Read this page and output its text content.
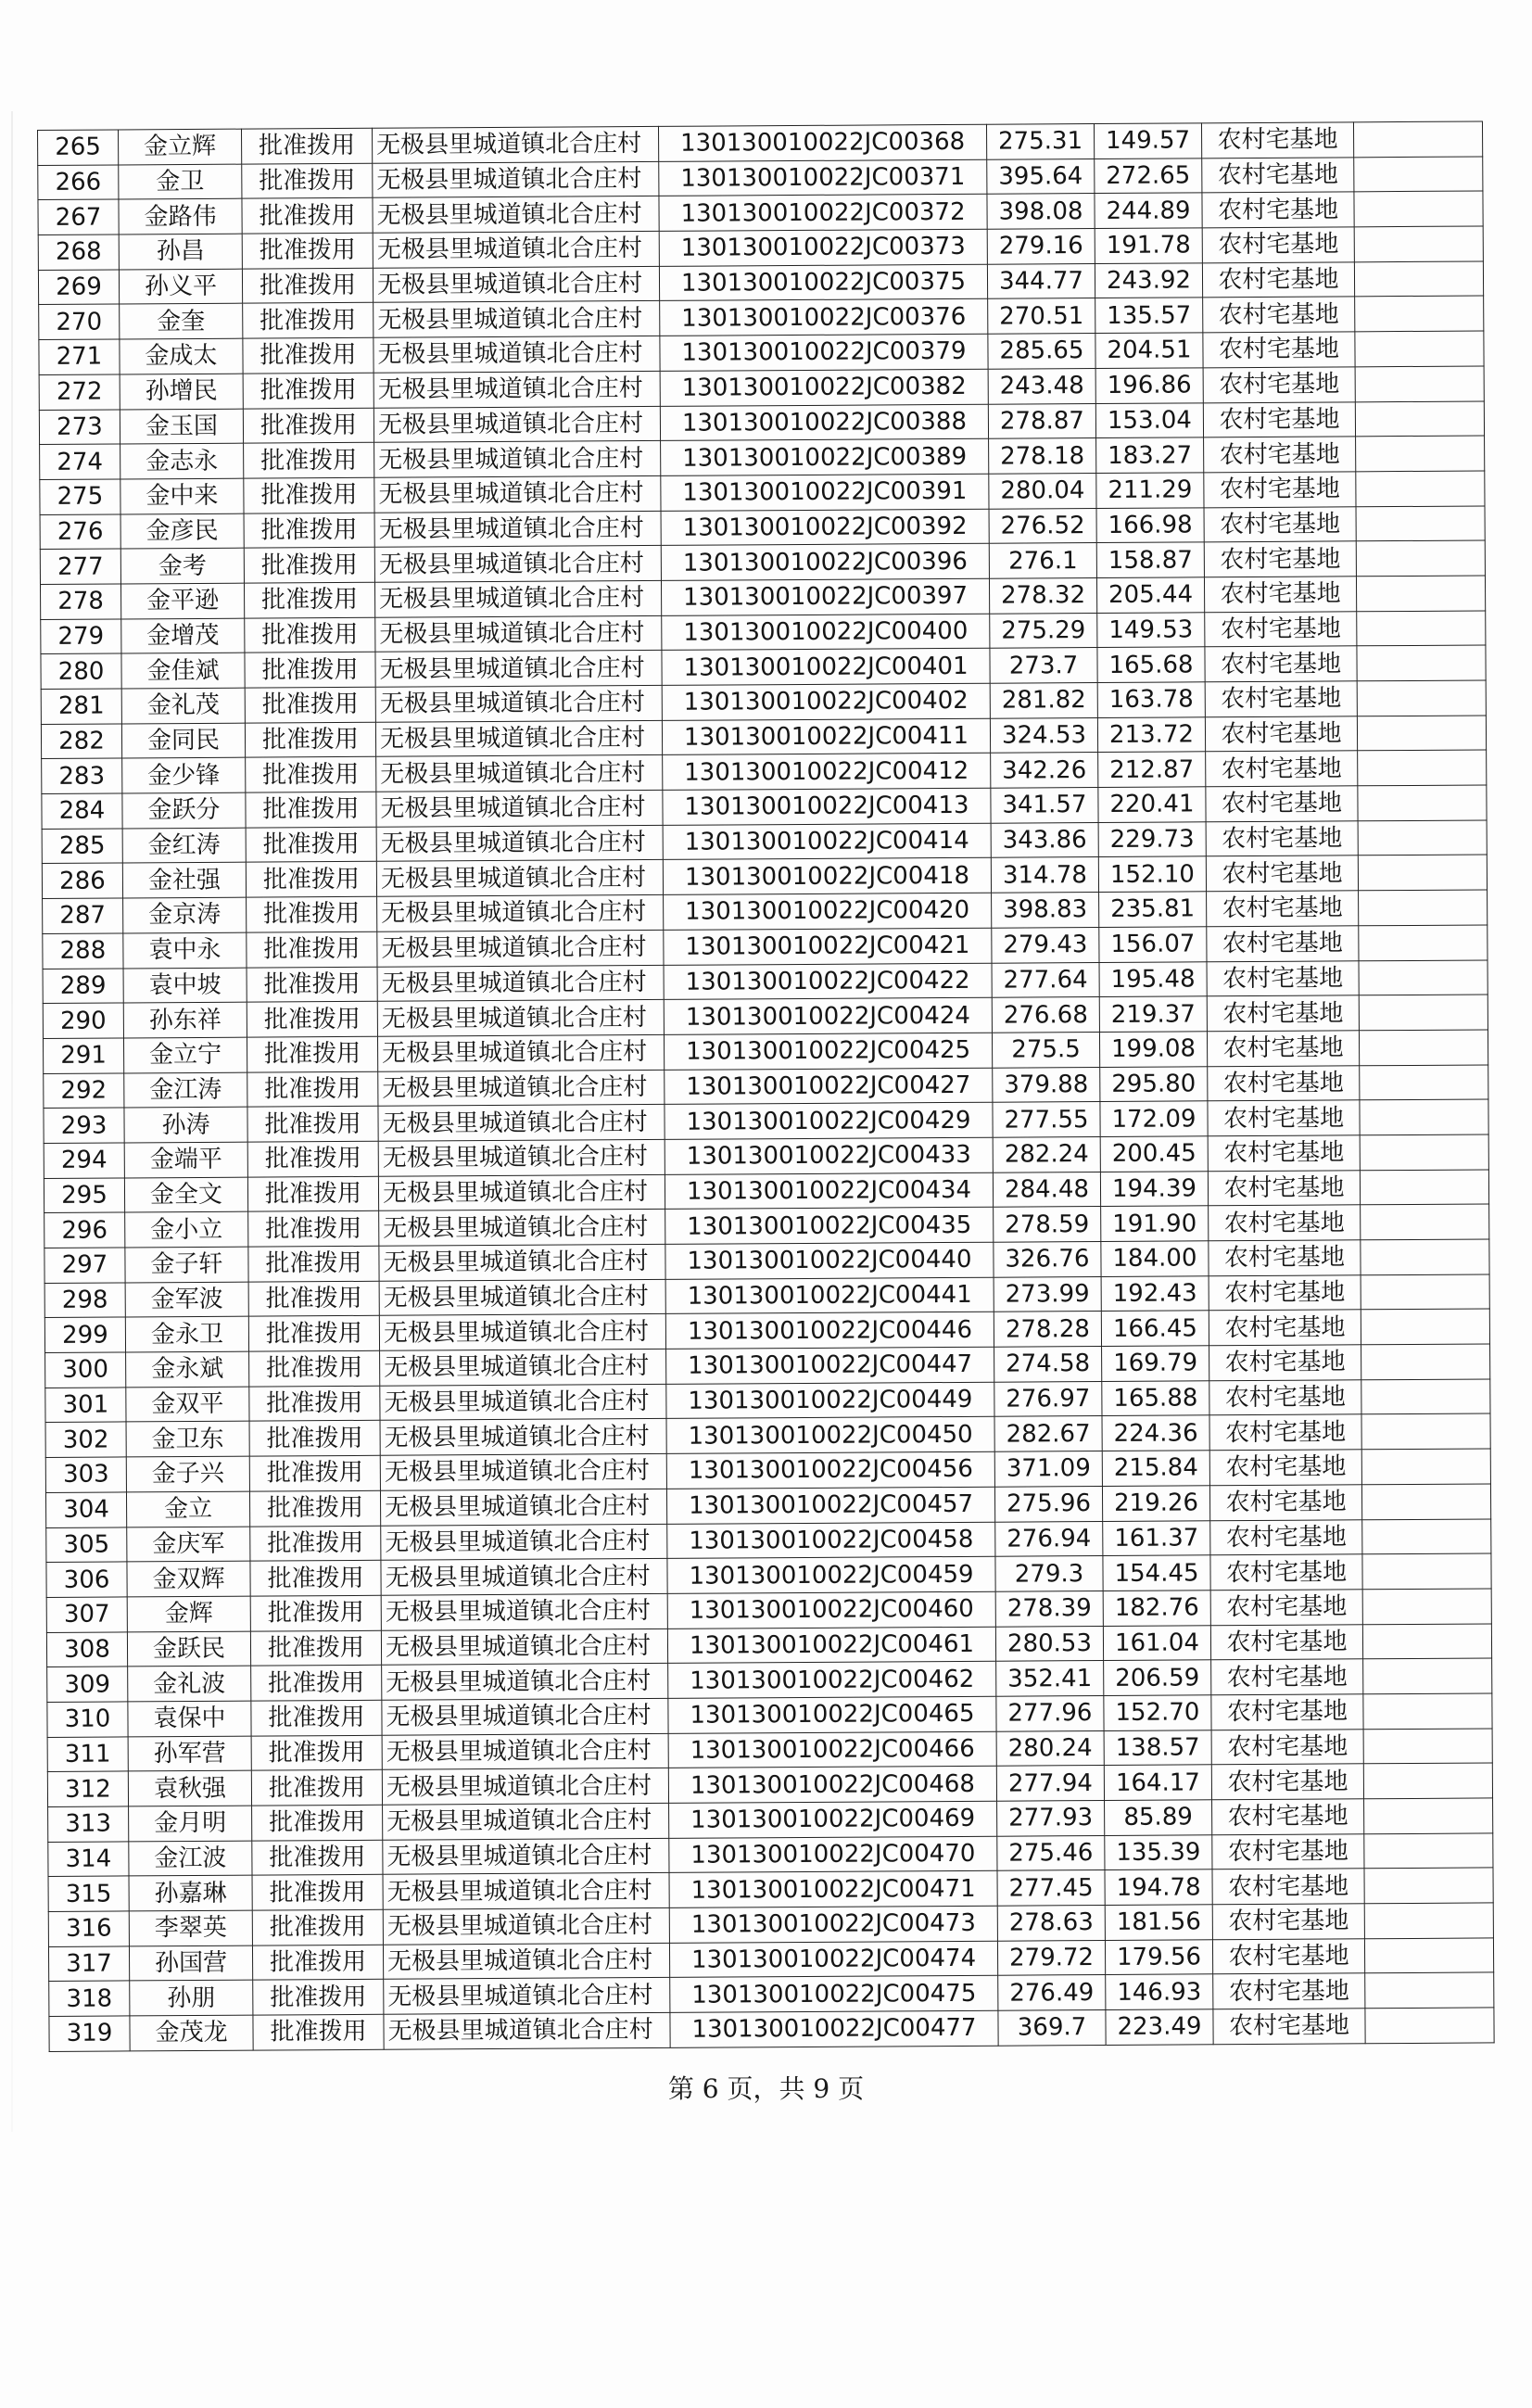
265	金立辉	批准拨用	无极县里城道镇北合庄村	130130010022JC00368	275.31	149.57	农村宅基地	
266	金卫	批准拨用	无极县里城道镇北合庄村	130130010022JC00371	395.64	272.65	农村宅基地	
267	金路伟	批准拨用	无极县里城道镇北合庄村	130130010022JC00372	398.08	244.89	农村宅基地	
268	孙昌	批准拨用	无极县里城道镇北合庄村	130130010022JC00373	279.16	191.78	农村宅基地	
269	孙义平	批准拨用	无极县里城道镇北合庄村	130130010022JC00375	344.77	243.92	农村宅基地	
270	金奎	批准拨用	无极县里城道镇北合庄村	130130010022JC00376	270.51	135.57	农村宅基地	
271	金成太	批准拨用	无极县里城道镇北合庄村	130130010022JC00379	285.65	204.51	农村宅基地	
272	孙增民	批准拨用	无极县里城道镇北合庄村	130130010022JC00382	243.48	196.86	农村宅基地	
273	金玉国	批准拨用	无极县里城道镇北合庄村	130130010022JC00388	278.87	153.04	农村宅基地	
274	金志永	批准拨用	无极县里城道镇北合庄村	130130010022JC00389	278.18	183.27	农村宅基地	
275	金中来	批准拨用	无极县里城道镇北合庄村	130130010022JC00391	280.04	211.29	农村宅基地	
276	金彦民	批准拨用	无极县里城道镇北合庄村	130130010022JC00392	276.52	166.98	农村宅基地	
277	金考	批准拨用	无极县里城道镇北合庄村	130130010022JC00396	276.1	158.87	农村宅基地	
278	金平逊	批准拨用	无极县里城道镇北合庄村	130130010022JC00397	278.32	205.44	农村宅基地	
279	金增茂	批准拨用	无极县里城道镇北合庄村	130130010022JC00400	275.29	149.53	农村宅基地	
280	金佳斌	批准拨用	无极县里城道镇北合庄村	130130010022JC00401	273.7	165.68	农村宅基地	
281	金礼茂	批准拨用	无极县里城道镇北合庄村	130130010022JC00402	281.82	163.78	农村宅基地	
282	金同民	批准拨用	无极县里城道镇北合庄村	130130010022JC00411	324.53	213.72	农村宅基地	
283	金少锋	批准拨用	无极县里城道镇北合庄村	130130010022JC00412	342.26	212.87	农村宅基地	
284	金跃分	批准拨用	无极县里城道镇北合庄村	130130010022JC00413	341.57	220.41	农村宅基地	
285	金红涛	批准拨用	无极县里城道镇北合庄村	130130010022JC00414	343.86	229.73	农村宅基地	
286	金社强	批准拨用	无极县里城道镇北合庄村	130130010022JC00418	314.78	152.10	农村宅基地	
287	金京涛	批准拨用	无极县里城道镇北合庄村	130130010022JC00420	398.83	235.81	农村宅基地	
288	袁中永	批准拨用	无极县里城道镇北合庄村	130130010022JC00421	279.43	156.07	农村宅基地	
289	袁中坡	批准拨用	无极县里城道镇北合庄村	130130010022JC00422	277.64	195.48	农村宅基地	
290	孙东祥	批准拨用	无极县里城道镇北合庄村	130130010022JC00424	276.68	219.37	农村宅基地	
291	金立宁	批准拨用	无极县里城道镇北合庄村	130130010022JC00425	275.5	199.08	农村宅基地	
292	金江涛	批准拨用	无极县里城道镇北合庄村	130130010022JC00427	379.88	295.80	农村宅基地	
293	孙涛	批准拨用	无极县里城道镇北合庄村	130130010022JC00429	277.55	172.09	农村宅基地	
294	金端平	批准拨用	无极县里城道镇北合庄村	130130010022JC00433	282.24	200.45	农村宅基地	
295	金全文	批准拨用	无极县里城道镇北合庄村	130130010022JC00434	284.48	194.39	农村宅基地	
296	金小立	批准拨用	无极县里城道镇北合庄村	130130010022JC00435	278.59	191.90	农村宅基地	
297	金子轩	批准拨用	无极县里城道镇北合庄村	130130010022JC00440	326.76	184.00	农村宅基地	
298	金军波	批准拨用	无极县里城道镇北合庄村	130130010022JC00441	273.99	192.43	农村宅基地	
299	金永卫	批准拨用	无极县里城道镇北合庄村	130130010022JC00446	278.28	166.45	农村宅基地	
300	金永斌	批准拨用	无极县里城道镇北合庄村	130130010022JC00447	274.58	169.79	农村宅基地	
301	金双平	批准拨用	无极县里城道镇北合庄村	130130010022JC00449	276.97	165.88	农村宅基地	
302	金卫东	批准拨用	无极县里城道镇北合庄村	130130010022JC00450	282.67	224.36	农村宅基地	
303	金子兴	批准拨用	无极县里城道镇北合庄村	130130010022JC00456	371.09	215.84	农村宅基地	
304	金立	批准拨用	无极县里城道镇北合庄村	130130010022JC00457	275.96	219.26	农村宅基地	
305	金庆军	批准拨用	无极县里城道镇北合庄村	130130010022JC00458	276.94	161.37	农村宅基地	
306	金双辉	批准拨用	无极县里城道镇北合庄村	130130010022JC00459	279.3	154.45	农村宅基地	
307	金辉	批准拨用	无极县里城道镇北合庄村	130130010022JC00460	278.39	182.76	农村宅基地	
308	金跃民	批准拨用	无极县里城道镇北合庄村	130130010022JC00461	280.53	161.04	农村宅基地	
309	金礼波	批准拨用	无极县里城道镇北合庄村	130130010022JC00462	352.41	206.59	农村宅基地	
310	袁保中	批准拨用	无极县里城道镇北合庄村	130130010022JC00465	277.96	152.70	农村宅基地	
311	孙军营	批准拨用	无极县里城道镇北合庄村	130130010022JC00466	280.24	138.57	农村宅基地	
312	袁秋强	批准拨用	无极县里城道镇北合庄村	130130010022JC00468	277.94	164.17	农村宅基地	
313	金月明	批准拨用	无极县里城道镇北合庄村	130130010022JC00469	277.93	85.89	农村宅基地	
314	金江波	批准拨用	无极县里城道镇北合庄村	130130010022JC00470	275.46	135.39	农村宅基地	
315	孙嘉琳	批准拨用	无极县里城道镇北合庄村	130130010022JC00471	277.45	194.78	农村宅基地	
316	李翠英	批准拨用	无极县里城道镇北合庄村	130130010022JC00473	278.63	181.56	农村宅基地	
317	孙国营	批准拨用	无极县里城道镇北合庄村	130130010022JC00474	279.72	179.56	农村宅基地	
318	孙朋	批准拨用	无极县里城道镇北合庄村	130130010022JC00475	276.49	146.93	农村宅基地	
319	金茂龙	批准拨用	无极县里城道镇北合庄村	130130010022JC00477	369.7	223.49	农村宅基地	
第 6 页，共 9 页
